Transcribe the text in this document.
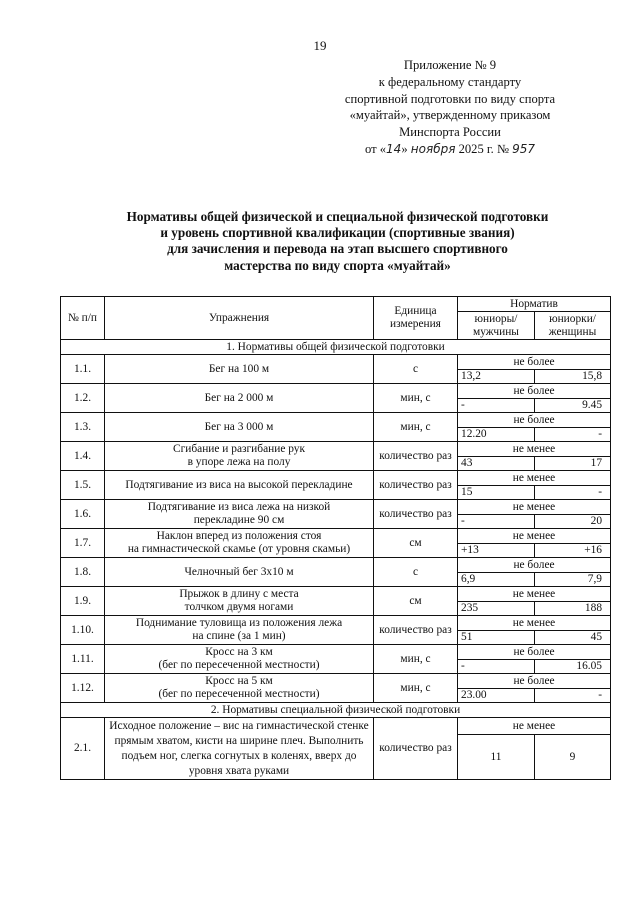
19
Приложение № 9
к федеральному стандарту
спортивной подготовки по виду спорта
«муайтай», утвержденному приказом
Минспорта России
от «14» ноября 2025 г. № 957
Нормативы общей физической и специальной физической подготовки
и уровень спортивной квалификации (спортивные звания)
для зачисления и перевода на этап высшего спортивного
мастерства по виду спорта «муайтай»
№ п/п	Упражнения	Единица измерения	Норматив	
			юниоры/ мужчины	юниорки/ женщины
1. Нормативы общей физической подготовки				
1.1.	Бег на 100 м	с	не более	
			13,2	15,8
1.2.	Бег на 2 000 м	мин, с	не более	
			-	9.45
1.3.	Бег на 3 000 м	мин, с	не более	
			12.20	-
1.4.	Сгибание и разгибание рук
в упоре лежа на полу	количество раз	не менее	
			43	17
1.5.	Подтягивание из виса на высокой перекладине	количество раз	не менее	
			15	-
1.6.	Подтягивание из виса лежа на низкой
перекладине 90 см	количество раз	не менее	
			-	20
1.7.	Наклон вперед из положения стоя
на гимнастической скамье (от уровня скамьи)	см	не менее	
			+13	+16
1.8.	Челночный бег 3х10 м	с	не более	
			6,9	7,9
1.9.	Прыжок в длину с места
толчком двумя ногами	см	не менее	
			235	188
1.10.	Поднимание туловища из положения лежа
на спине (за 1 мин)	количество раз	не менее	
			51	45
1.11.	Кросс на 3 км
(бег по пересеченной местности)	мин, с	не более	
			-	16.05
1.12.	Кросс на 5 км
(бег по пересеченной местности)	мин, с	не более	
			23.00	-
2. Нормативы специальной физической подготовки				
2.1.	Исходное положение – вис на гимнастической стенке прямым хватом, кисти на ширине плеч. Выполнить подъем ног, слегка согнутых в коленях, вверх до уровня хвата руками	количество раз	не менее	
			11	9
